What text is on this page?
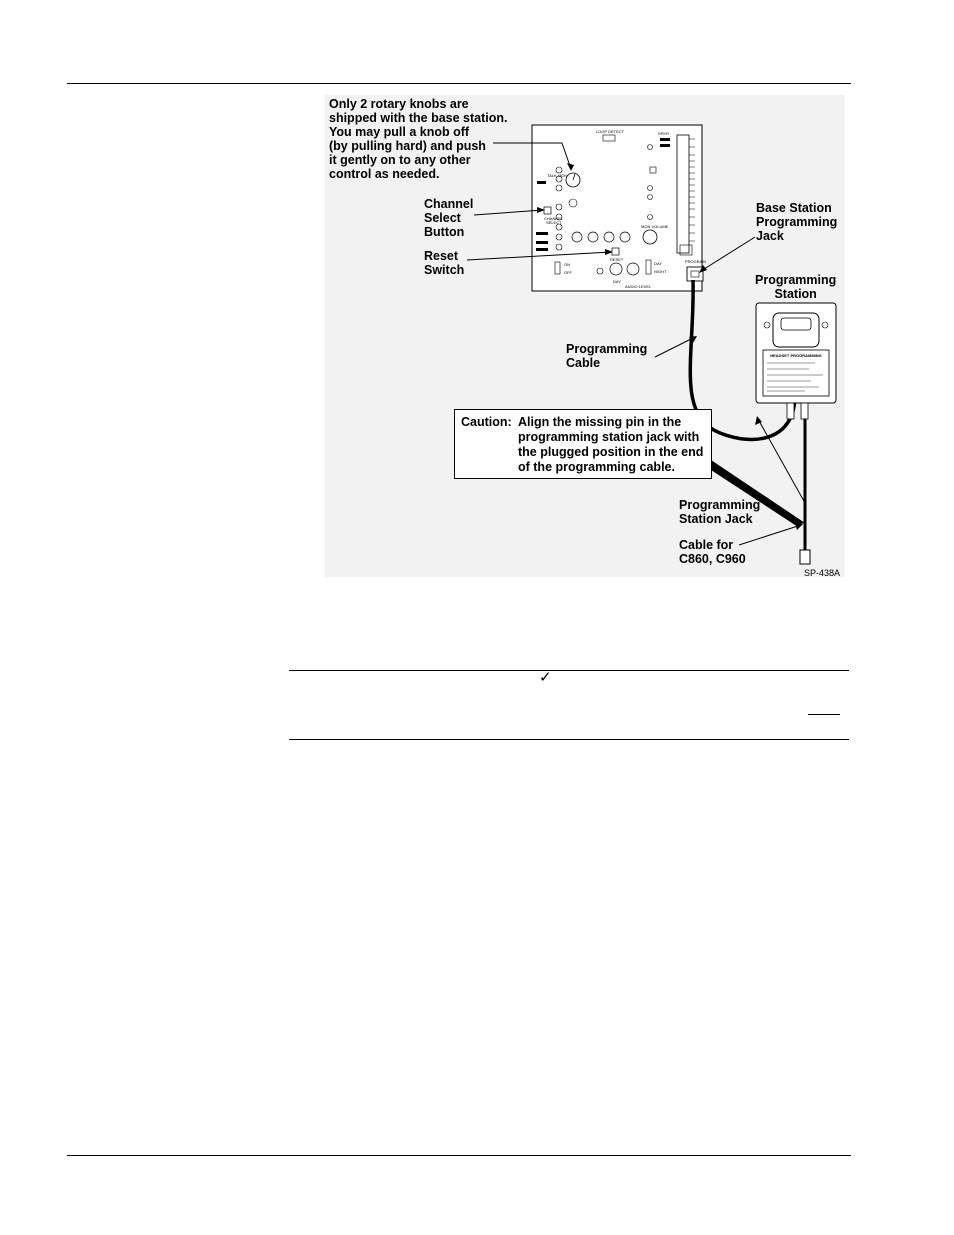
LOOP DETECT	SPKR
TALK MON
CHANNEL
SELECT
MON VOLUME
RESET
ON
OFF
DAY
AUDIO LEVEL
DAY
NIGHT
PROGRAM
HEADSET PROGRAMMING
Only 2 rotary knobs are
shipped with the base station.
You may pull a knob off
(by pulling hard) and push
it gently on to any other
control as needed.
Channel
Select
Button
Reset
Switch
Base Station
Programming
Jack
Programming
Station
Programming
Cable
Programming
Station Jack
Cable for
C860, C960
Caution: Align the missing pin in the programming station jack with the plugged position in the end of the programming cable.
SP-438A
✓
